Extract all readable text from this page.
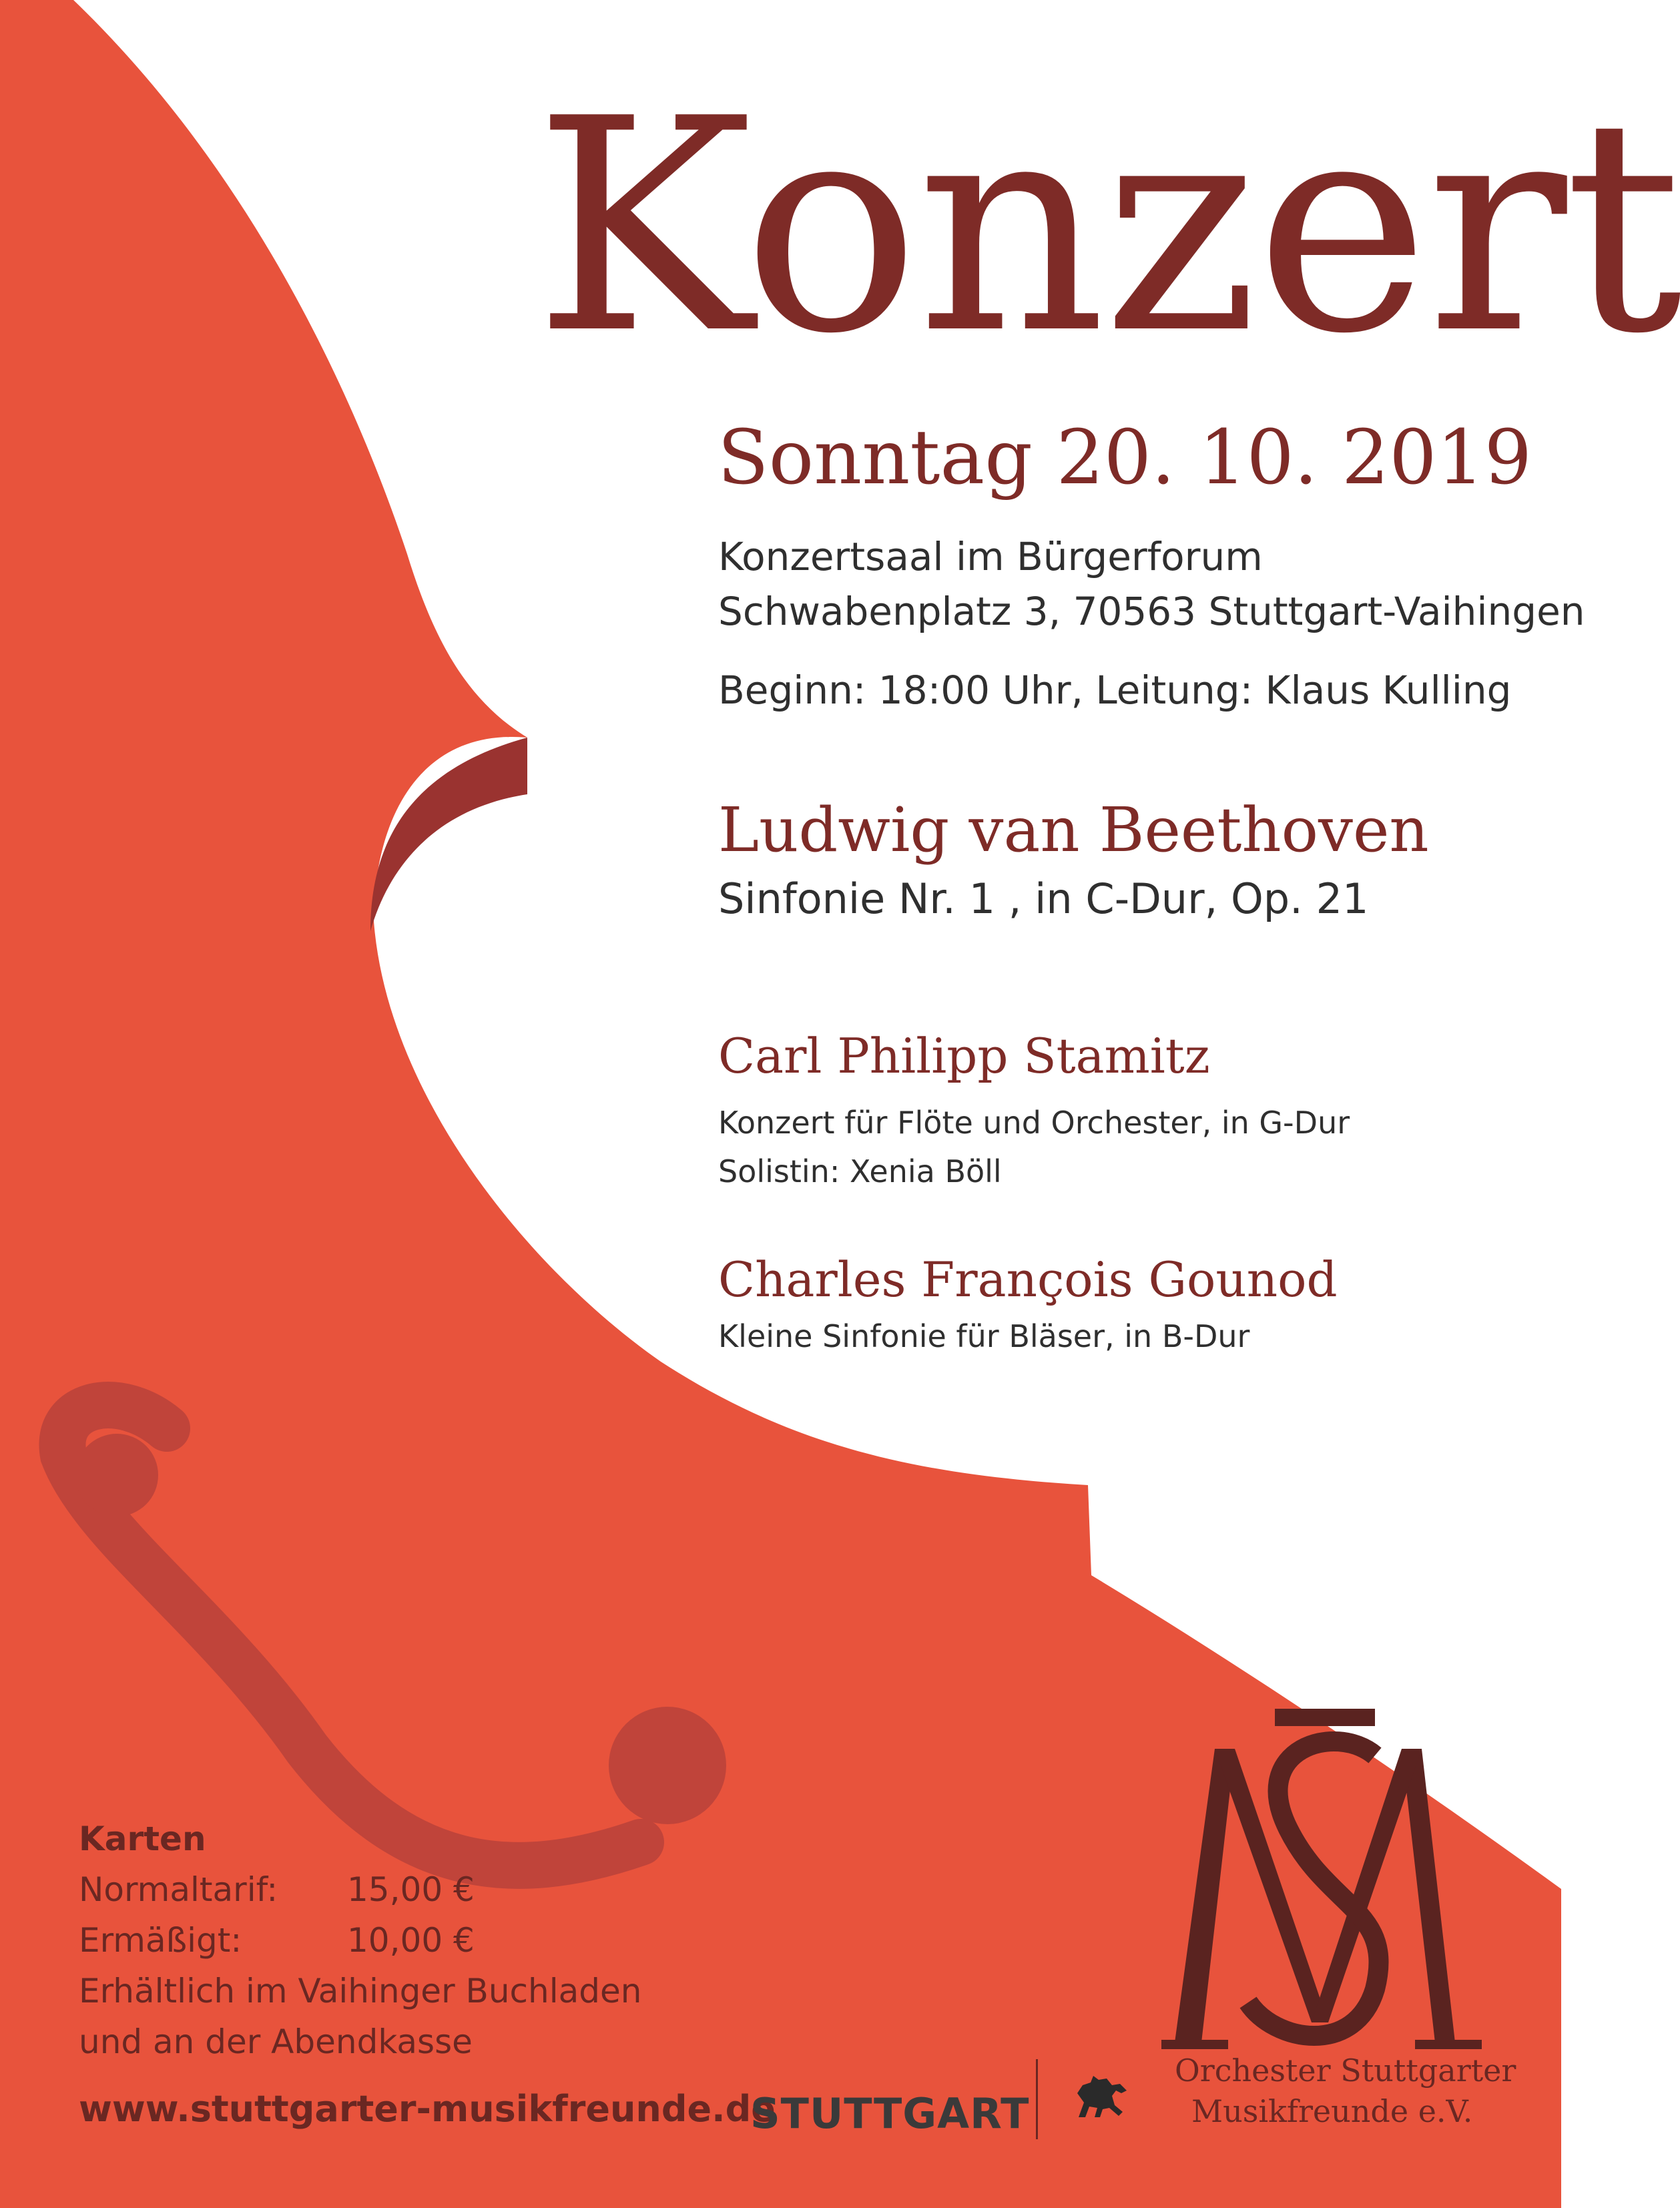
Konzert
Sonntag 20. 10. 2019
Konzertsaal im Bürgerforum
Schwabenplatz 3, 70563 Stuttgart-Vaihingen
Beginn: 18:00 Uhr, Leitung: Klaus Kulling
Ludwig van Beethoven
Sinfonie Nr. 1 , in C-Dur, Op. 21
Carl Philipp Stamitz
Konzert für Flöte und Orchester, in G-Dur
Solistin: Xenia Böll
Charles François Gounod
Kleine Sinfonie für Bläser, in B-Dur
Karten
Normaltarif: 15,00 €
Ermäßigt:	10,00 €
Erhältlich im Vaihinger Buchladen
und an der Abendkasse
www.stuttgarter-musikfreunde.de
STUTTGART
Orchester Stuttgarter
Musikfreunde e.V.
